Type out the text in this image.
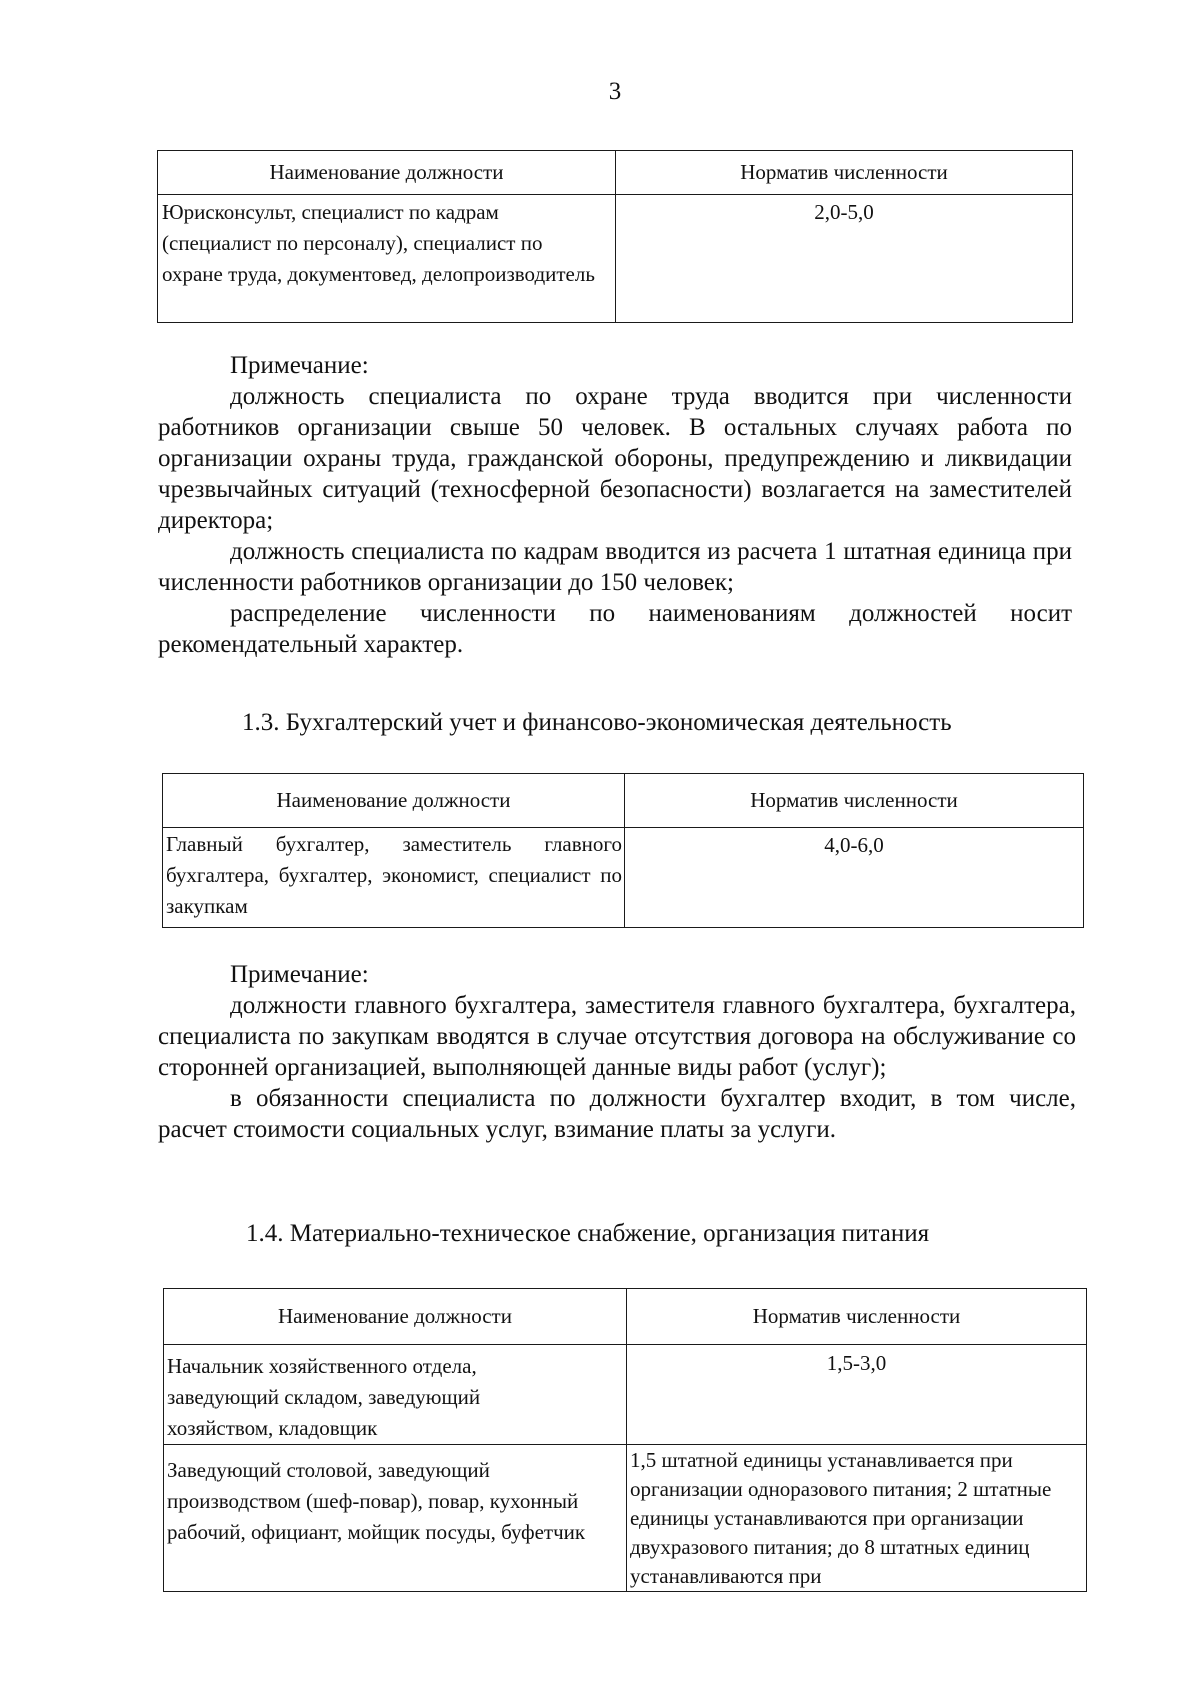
3
Наименование должности	Норматив численности
Юрисконсульт, специалист по кадрам (специалист по персоналу), специалист по охране труда, документовед, делопроизводитель	2,0-5,0
Примечание:

должность специалиста по охране труда вводится при численности работников организации свыше 50 человек. В остальных случаях работа по организации охраны труда, гражданской обороны, предупреждению и ликвидации чрезвычайных ситуаций (техносферной безопасности) возлагается на заместителей директора;

должность специалиста по кадрам вводится из расчета 1 штатная единица при численности работников организации до 150 человек;

распределение численности по наименованиям должностей носит рекомендательный характер.

1.3. Бухгалтерский учет и финансово-экономическая деятельность
Наименование должности	Норматив численности
Главный бухгалтер, заместитель главного бухгалтера, бухгалтер, экономист, специалист по закупкам	4,0-6,0
Примечание:

должности главного бухгалтера, заместителя главного бухгалтера, бухгалтера, специалиста по закупкам вводятся в случае отсутствия договора на обслуживание со сторонней организацией, выполняющей данные виды работ (услуг);

в обязанности специалиста по должности бухгалтер входит, в том числе, расчет стоимости социальных услуг, взимание платы за услуги.

1.4. Материально-техническое снабжение, организация питания
Наименование должности	Норматив численности
Начальник хозяйственного отдела, заведующий складом, заведующий хозяйством, кладовщик	1,5-3,0
Заведующий столовой, заведующий производством (шеф-повар), повар, кухонный рабочий, официант, мойщик посуды, буфетчик	1,5 штатной единицы устанавливается при организации одноразового питания; 2 штатные единицы устанавливаются при организации двухразового питания; до 8 штатных единиц устанавливаются при
